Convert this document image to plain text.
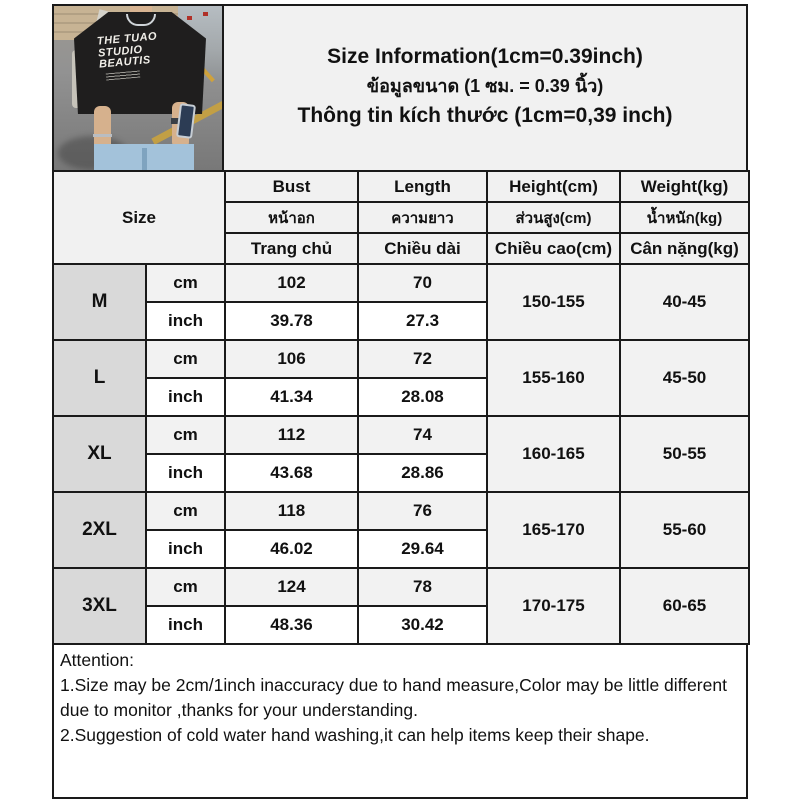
THE TUAO
STUDIO
BEAUTIS	Size Information(1cm=0.39inch)
ข้อมูลขนาด (1 ซม. = 0.39 นิ้ว)
Thông tin kích thước (1cm=0,39 inch)
Size		Bust	Length	Height(cm)	Weight(kg)
		หน้าอก	ความยาว	ส่วนสูง(cm)	น้ำหนัก(kg)
		Trang chủ	Chiều dài	Chiều cao(cm)	Cân nặng(kg)
M	cm	102	70	150-155	40-45
	inch	39.78	27.3		
L	cm	106	72	155-160	45-50
	inch	41.34	28.08		
XL	cm	112	74	160-165	50-55
	inch	43.68	28.86		
2XL	cm	118	76	165-170	55-60
	inch	46.02	29.64		
3XL	cm	124	78	170-175	60-65
	inch	48.36	30.42		
Attention:
1.Size may be 2cm/1inch inaccuracy due to hand measure,Color may be little different due to monitor ,thanks for your understanding.
2.Suggestion of cold water hand washing,it can help items keep their shape.
